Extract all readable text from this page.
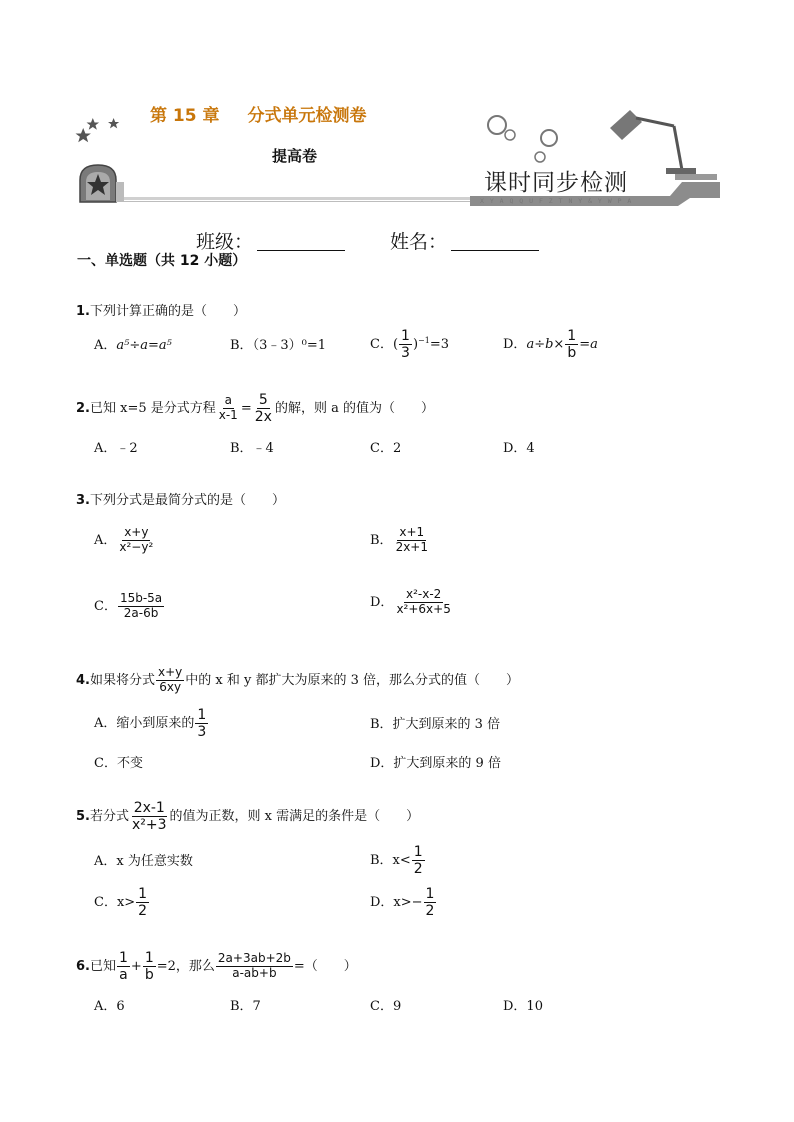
第 15 章 分式单元检测卷
提高卷
课时同步检测
X Y A Q Q U F Z T N Y & Y W P A
班级：	姓名：
一、单选题（共 12 小题）
1.下列计算正确的是（　　）
A．a⁵÷a=a⁵	B．（3﹣3）⁰=1	C．( $\frac{1}{3} )^{-1}=3$	D．$a\div b\times \frac{1}{b} =a$
2.已知 x=5 是分式方程 $\frac{a}{x-1} = \frac{5}{2x}$ 的解，则 a 的值为（　　）
A．﹣2	B．﹣4	C．2	D．4
3.下列分式是最简分式的是（　　）
A． $\frac{x+y}{\text{x²−y²}}$	B． $\frac{x+1}{2x+1}$
C． $\frac{15b-5a}{2a-6b}$	D． $\frac{\text{x²-x-2}}{\text{x²+6x+5}}$
4.如果将分式 $\frac{x+y}{6xy}$ 中的 x 和 y 都扩大为原来的 3 倍，那么分式的值（　　）
A．缩小到原来的 $\frac{1}{3}$	B．扩大到原来的 3 倍
C．不变	D．扩大到原来的 9 倍
5.若分式 $\frac{2x-1}{\text{x²+3}}$ 的值为正数，则 x 需满足的条件是（　　）
A．x 为任意实数	B．$x< \frac{1}{2}$
C．$x> \frac{1}{2}$	D．$x>- \frac{1}{2}$
6.已知 $\frac{1}{a} + \frac{1}{b} =2$，那么 $\frac{2a+3ab+2b}{a-ab+b}$ =（　　）
A．6	B．7	C．9	D．10
